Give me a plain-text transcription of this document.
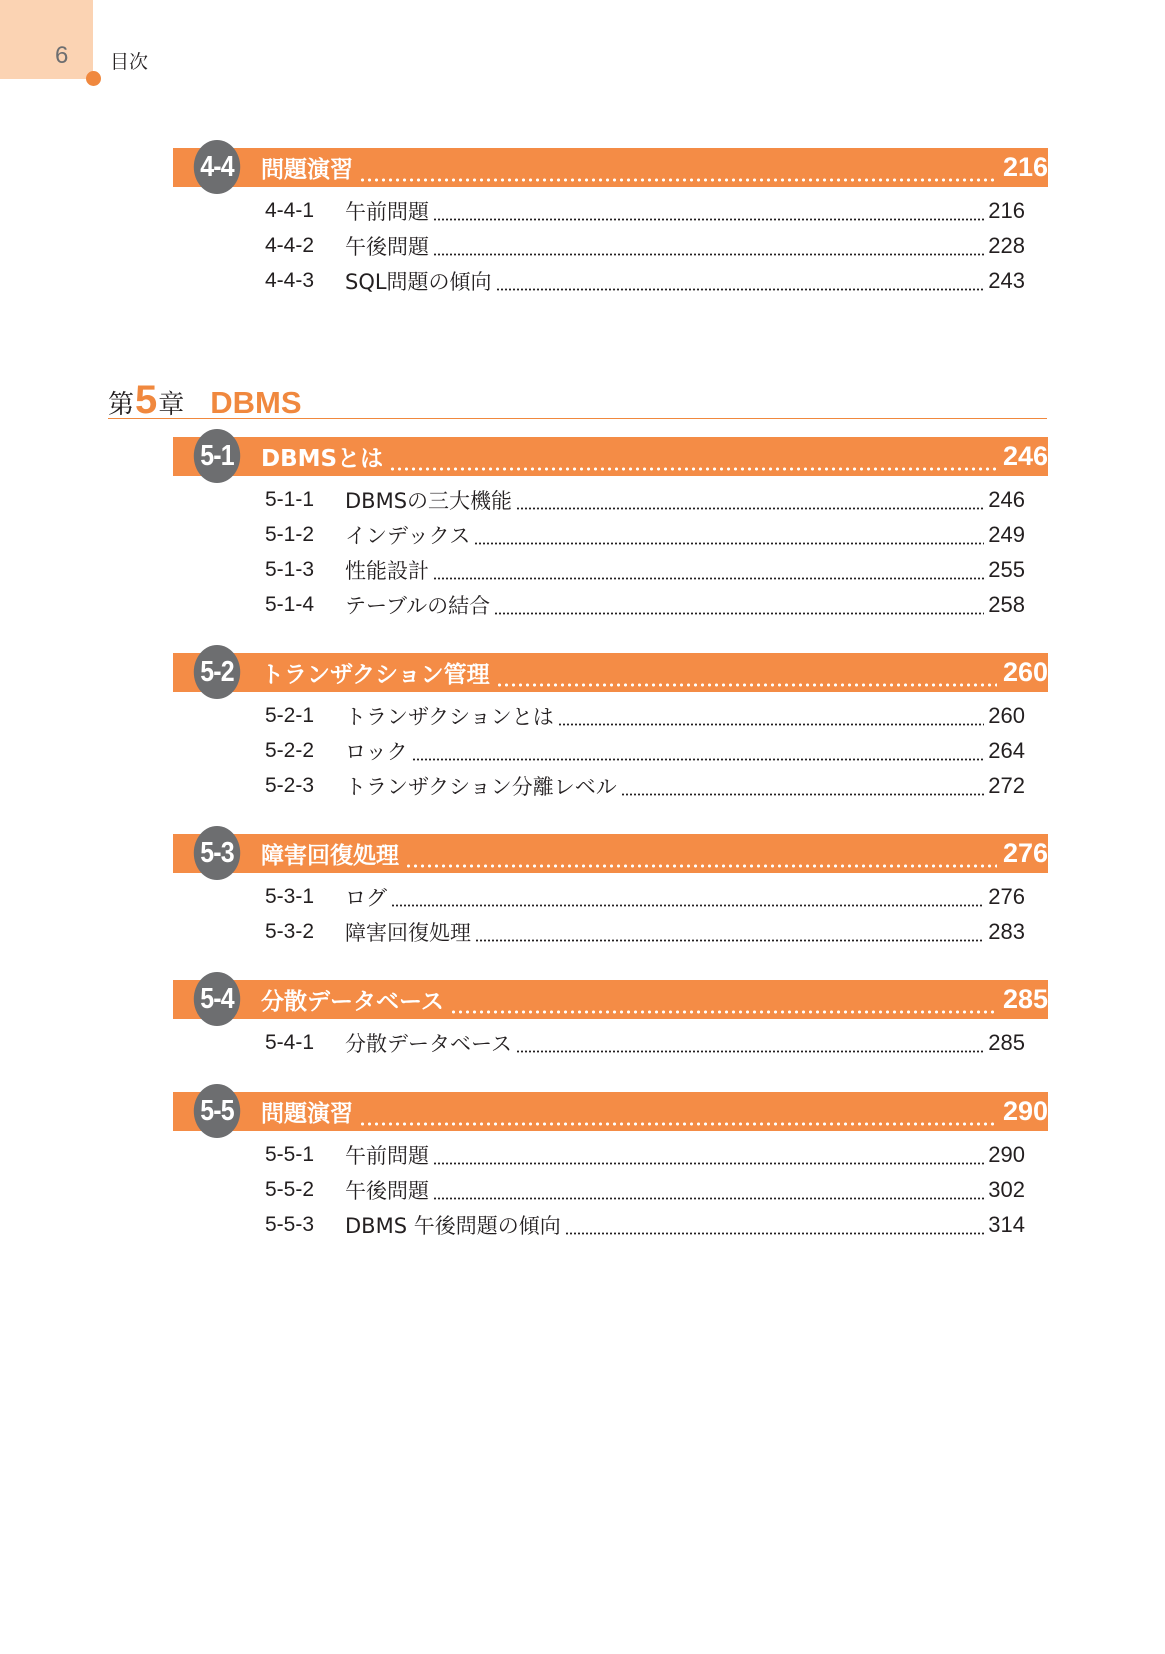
6 目次
第5章 DBMS
4-4 問題演習	216
4-4-1	午前問題	216
4-4-2	午後問題	228
4-4-3	SQL問題の傾向	243
5-1 DBMSとは	246
5-1-1	DBMSの三大機能	246
5-1-2	インデックス	249
5-1-3	性能設計	255
5-1-4	テーブルの結合	258
5-2 トランザクション管理	260
5-2-1	トランザクションとは	260
5-2-2	ロック	264
5-2-3	トランザクション分離レベル	272
5-3 障害回復処理	276
5-3-1	ログ	276
5-3-2	障害回復処理	283
5-4 分散データベース	285
5-4-1	分散データベース	285
5-5 問題演習	290
5-5-1	午前問題	290
5-5-2	午後問題	302
5-5-3	DBMS 午後問題の傾向	314
